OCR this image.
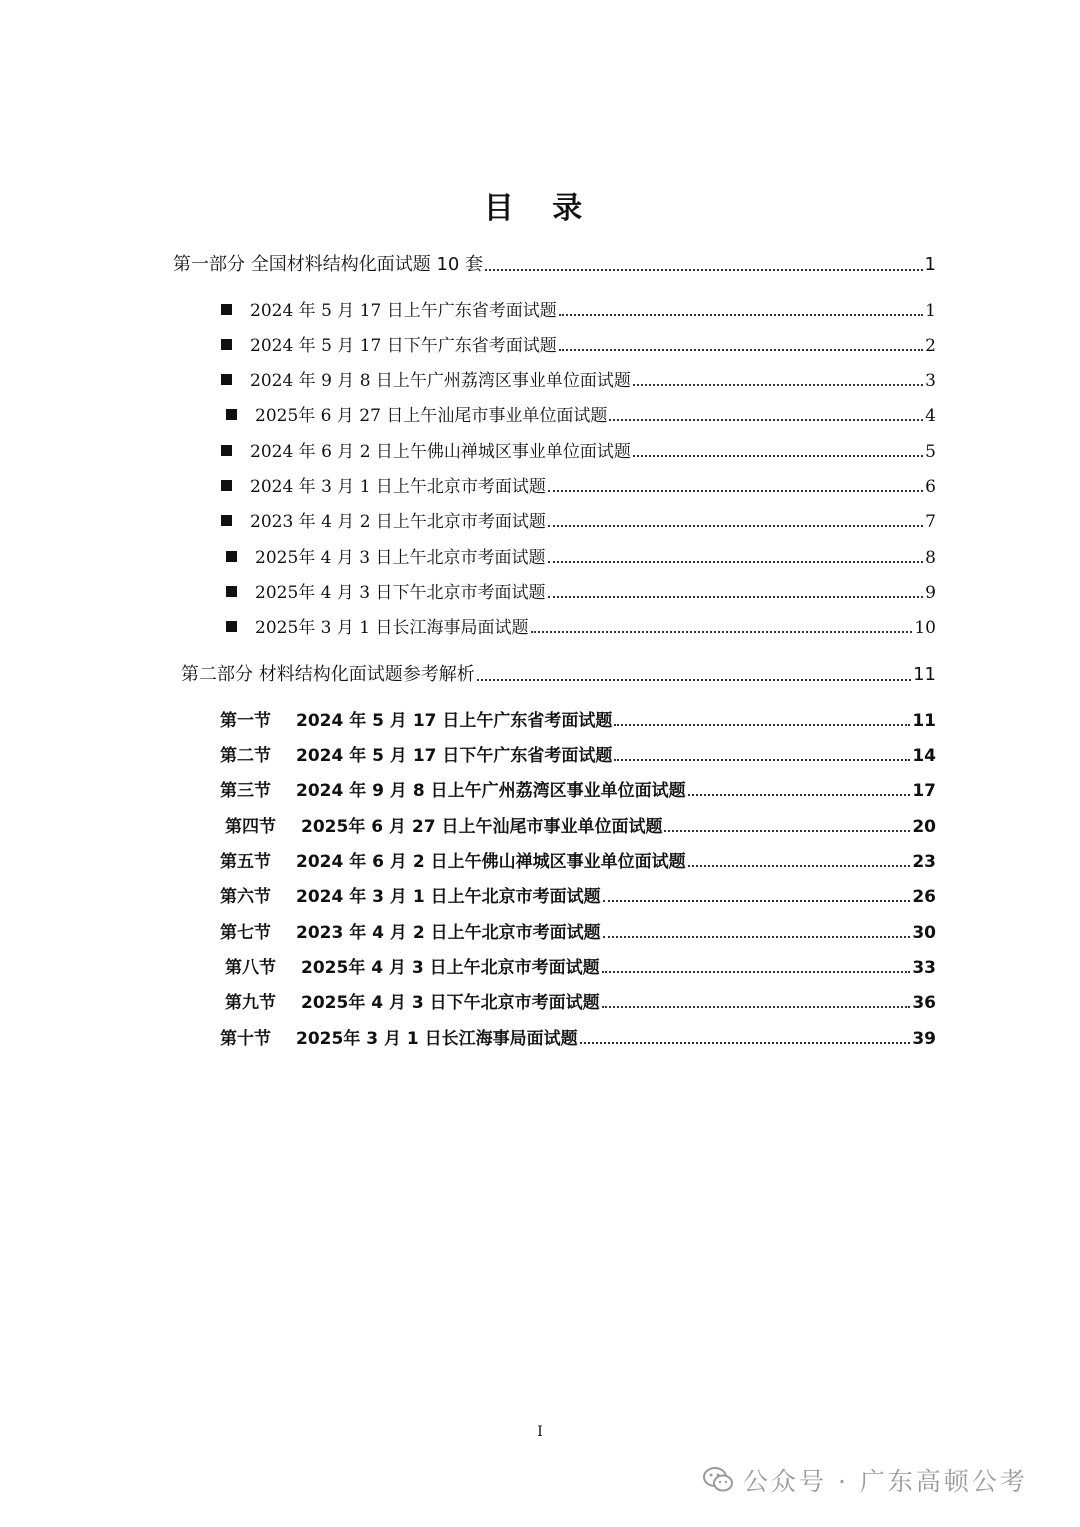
目 录
第一部分 全国材料结构化面试题 10 套	1
2024 年 5 月 17 日上午广东省考面试题	1
2024 年 5 月 17 日下午广东省考面试题	2
2024 年 9 月 8 日上午广州荔湾区事业单位面试题	3
2025年 6 月 27 日上午汕尾市事业单位面试题	4
2024 年 6 月 2 日上午佛山禅城区事业单位面试题	5
2024 年 3 月 1 日上午北京市考面试题	6
2023 年 4 月 2 日上午北京市考面试题	7
2025年 4 月 3 日上午北京市考面试题	8
2025年 4 月 3 日下午北京市考面试题	9
2025年 3 月 1 日长江海事局面试题	10
第二部分 材料结构化面试题参考解析	11
第一节 2024 年 5 月 17 日上午广东省考面试题	11
第二节 2024 年 5 月 17 日下午广东省考面试题	14
第三节 2024 年 9 月 8 日上午广州荔湾区事业单位面试题	17
第四节 2025年 6 月 27 日上午汕尾市事业单位面试题	20
第五节 2024 年 6 月 2 日上午佛山禅城区事业单位面试题	23
第六节 2024 年 3 月 1 日上午北京市考面试题	26
第七节 2023 年 4 月 2 日上午北京市考面试题	30
第八节 2025年 4 月 3 日上午北京市考面试题	33
第九节 2025年 4 月 3 日下午北京市考面试题	36
第十节 2025年 3 月 1 日长江海事局面试题	39
I
公众号 · 广东高顿公考
